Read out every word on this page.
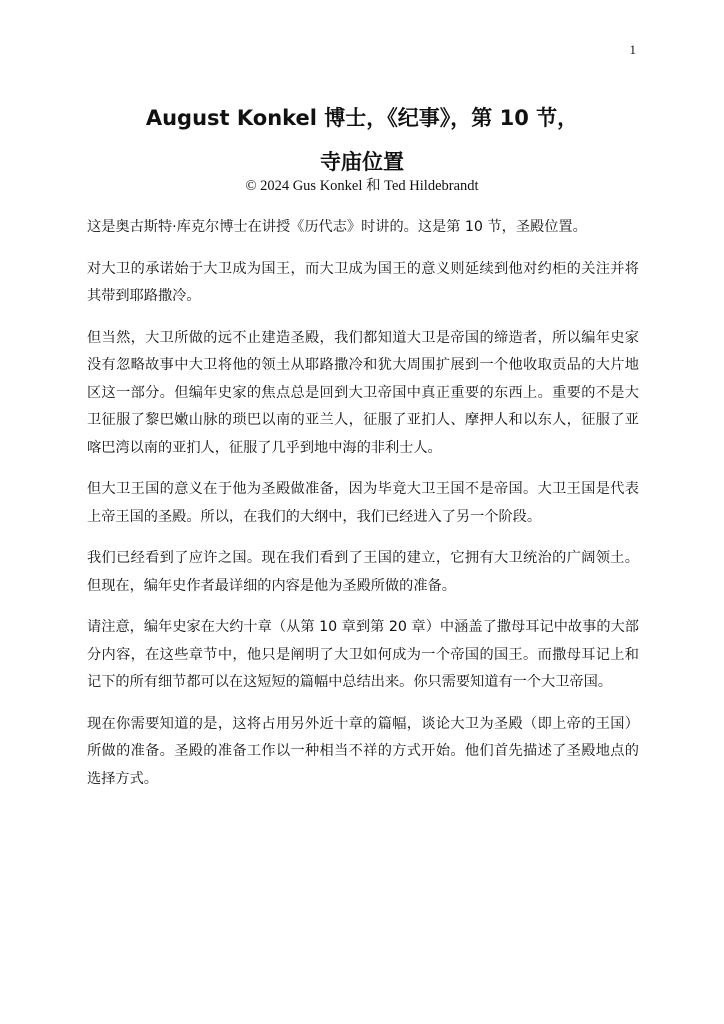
1
August Konkel 博士，《纪事》，第 10 节，
寺庙位置
© 2024 Gus Konkel 和 Ted Hildebrandt

这是奥古斯特·库克尔博士在讲授《历代志》时讲的。这是第 10 节，圣殿位置。

对大卫的承诺始于大卫成为国王，而大卫成为国王的意义则延续到他对约柜的关注并将其带到耶路撒冷。

但当然，大卫所做的远不止建造圣殿，我们都知道大卫是帝国的缔造者，所以编年史家没有忽略故事中大卫将他的领土从耶路撒冷和犹大周围扩展到一个他收取贡品的大片地区这一部分。但编年史家的焦点总是回到大卫帝国中真正重要的东西上。重要的不是大卫征服了黎巴嫩山脉的琐巴以南的亚兰人，征服了亚扪人、摩押人和以东人，征服了亚喀巴湾以南的亚扪人，征服了几乎到地中海的非利士人。

但大卫王国的意义在于他为圣殿做准备，因为毕竟大卫王国不是帝国。大卫王国是代表上帝王国的圣殿。所以，在我们的大纲中，我们已经进入了另一个阶段。

我们已经看到了应许之国。现在我们看到了王国的建立，它拥有大卫统治的广阔领土。但现在，编年史作者最详细的内容是他为圣殿所做的准备。

请注意，编年史家在大约十章（从第 10 章到第 20 章）中涵盖了撒母耳记中故事的大部分内容，在这些章节中，他只是阐明了大卫如何成为一个帝国的国王。而撒母耳记上和记下的所有细节都可以在这短短的篇幅中总结出来。你只需要知道有一个大卫帝国。

现在你需要知道的是，这将占用另外近十章的篇幅，谈论大卫为圣殿（即上帝的王国）所做的准备。圣殿的准备工作以一种相当不祥的方式开始。他们首先描述了圣殿地点的选择方式。
